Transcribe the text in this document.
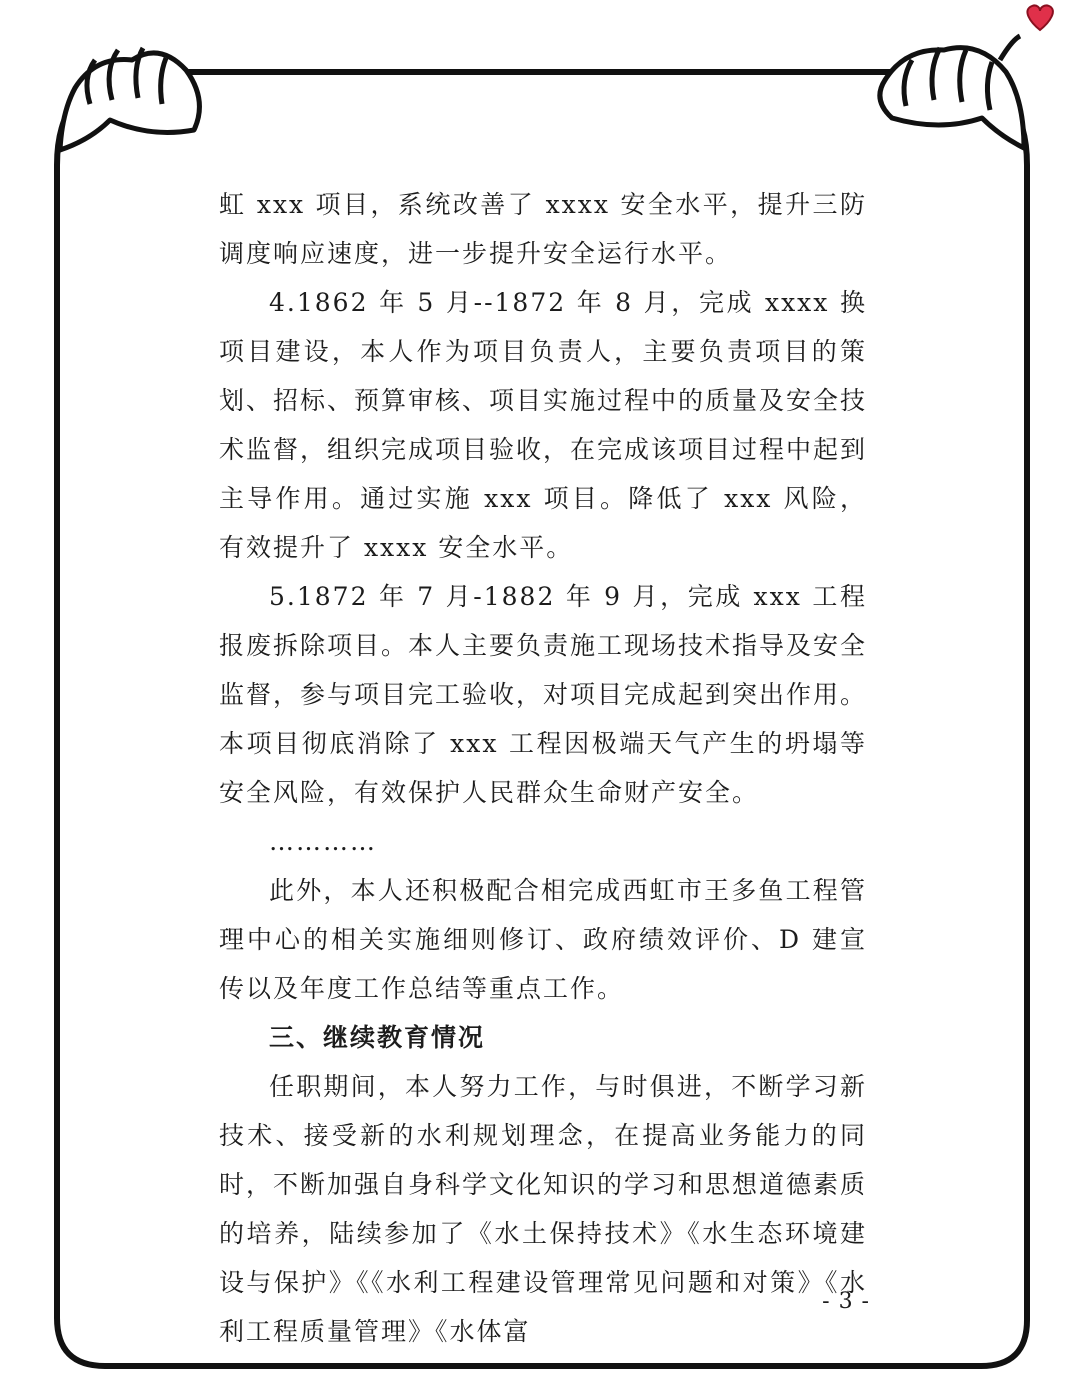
虹 xxx 项目，系统改善了 xxxx 安全水平，提升三防调度响应速度，进一步提升安全运行水平。

4.1862 年 5 月--1872 年 8 月，完成 xxxx 换项目建设，本人作为项目负责人，主要负责项目的策划、招标、预算审核、项目实施过程中的质量及安全技术监督，组织完成项目验收，在完成该项目过程中起到主导作用。通过实施 xxx 项目。降低了 xxx 风险，有效提升了 xxxx 安全水平。

5.1872 年 7 月-1882 年 9 月，完成 xxx 工程报废拆除项目。本人主要负责施工现场技术指导及安全监督，参与项目完工验收，对项目完成起到突出作用。本项目彻底消除了 xxx 工程因极端天气产生的坍塌等安全风险，有效保护人民群众生命财产安全。

…………

此外，本人还积极配合相完成西虹市王多鱼工程管理中心的相关实施细则修订、政府绩效评价、D 建宣传以及年度工作总结等重点工作。

三、继续教育情况

任职期间，本人努力工作，与时俱进，不断学习新技术、接受新的水利规划理念，在提高业务能力的同时，不断加强自身科学文化知识的学习和思想道德素质的培养，陆续参加了《水土保持技术》《水生态环境建设与保护》《《水利工程建设管理常见问题和对策》《水利工程质量管理》《水体富

- 3 -
